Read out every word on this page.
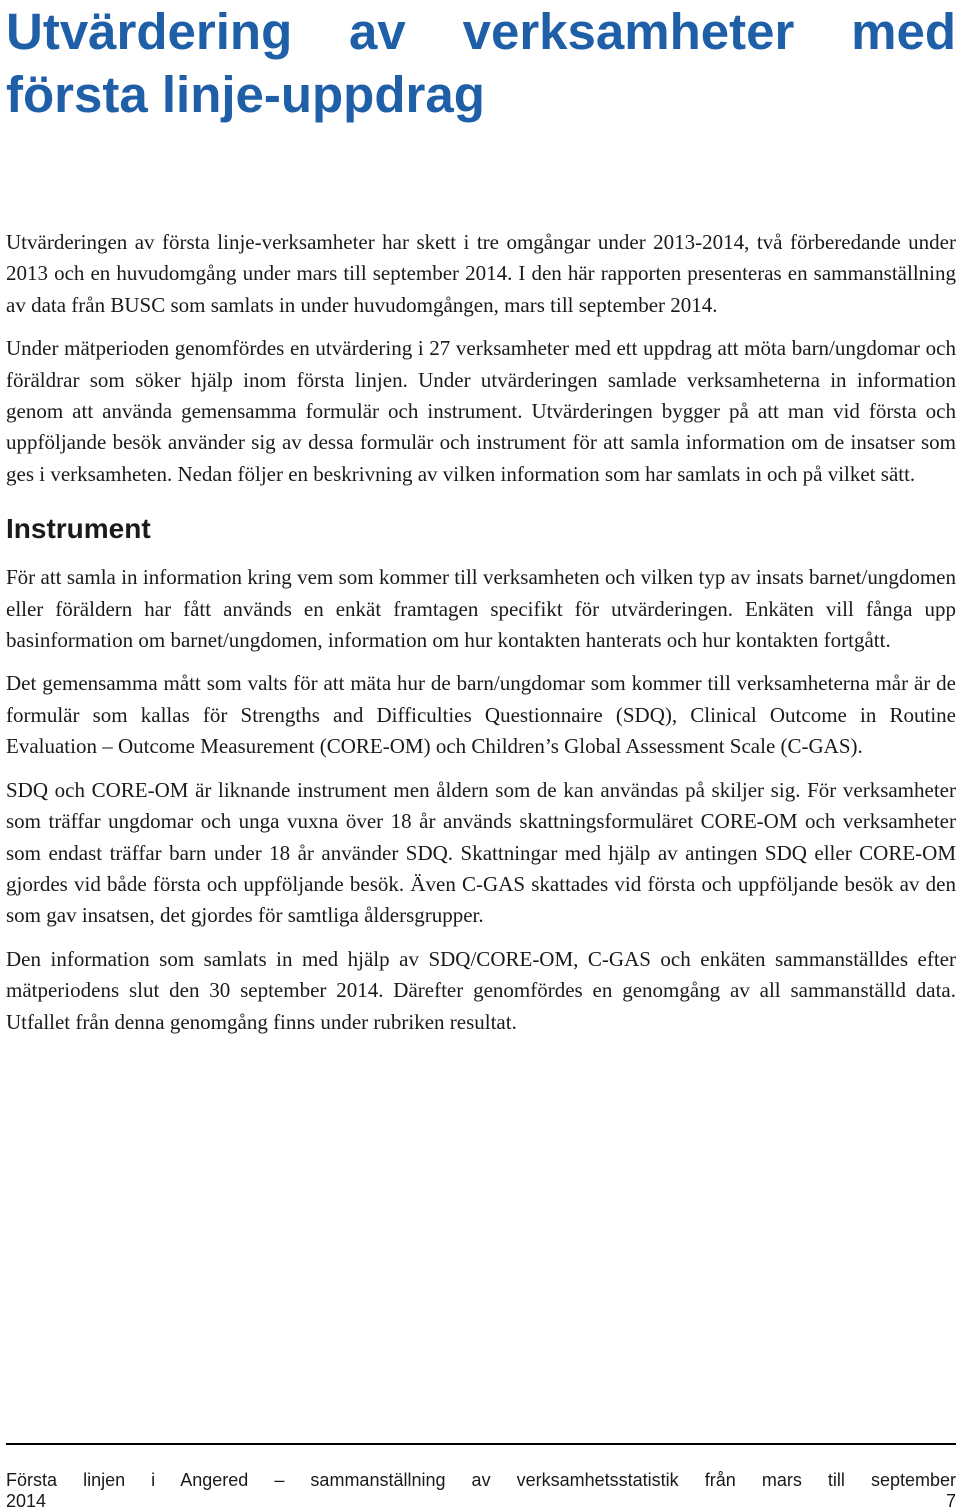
Utvärdering av verksamheter med
första linje-uppdrag

Utvärderingen av första linje-verksamheter har skett i tre omgångar under 2013-2014, två förberedande under 2013 och en huvudomgång under mars till september 2014. I den här rapporten presenteras en sammanställning av data från BUSC som samlats in under huvudomgången, mars till september 2014.

Under mätperioden genomfördes en utvärdering i 27 verksamheter med ett uppdrag att möta barn/ungdomar och föräldrar som söker hjälp inom första linjen. Under utvärderingen samlade verksamheterna in information genom att använda gemensamma formulär och instrument. Utvärderingen bygger på att man vid första och uppföljande besök använder sig av dessa formulär och instrument för att samla information om de insatser som ges i verksamheten. Nedan följer en beskrivning av vilken information som har samlats in och på vilket sätt.

Instrument

För att samla in information kring vem som kommer till verksamheten och vilken typ av insats barnet/ungdomen eller föräldern har fått används en enkät framtagen specifikt för utvärderingen. Enkäten vill fånga upp basinformation om barnet/ungdomen, information om hur kontakten hanterats och hur kontakten fortgått.

Det gemensamma mått som valts för att mäta hur de barn/ungdomar som kommer till verksamheterna mår är de formulär som kallas för Strengths and Difficulties Questionnaire (SDQ), Clinical Outcome in Routine Evaluation – Outcome Measurement (CORE-OM) och Children’s Global Assessment Scale (C-GAS).

SDQ och CORE-OM är liknande instrument men åldern som de kan användas på skiljer sig. För verksamheter som träffar ungdomar och unga vuxna över 18 år används skattningsformuläret CORE-OM och verksamheter som endast träffar barn under 18 år använder SDQ. Skattningar med hjälp av antingen SDQ eller CORE-OM gjordes vid både första och uppföljande besök. Även C-GAS skattades vid första och uppföljande besök av den som gav insatsen, det gjordes för samtliga åldersgrupper.

Den information som samlats in med hjälp av SDQ/CORE-OM, C-GAS och enkäten sammanställdes efter mätperiodens slut den 30 september 2014. Därefter genomfördes en genomgång av all sammanställd data. Utfallet från denna genomgång finns under rubriken resultat.

Första linjen i Angered – sammanställning av verksamhetsstatistik från mars till september
2014	7
